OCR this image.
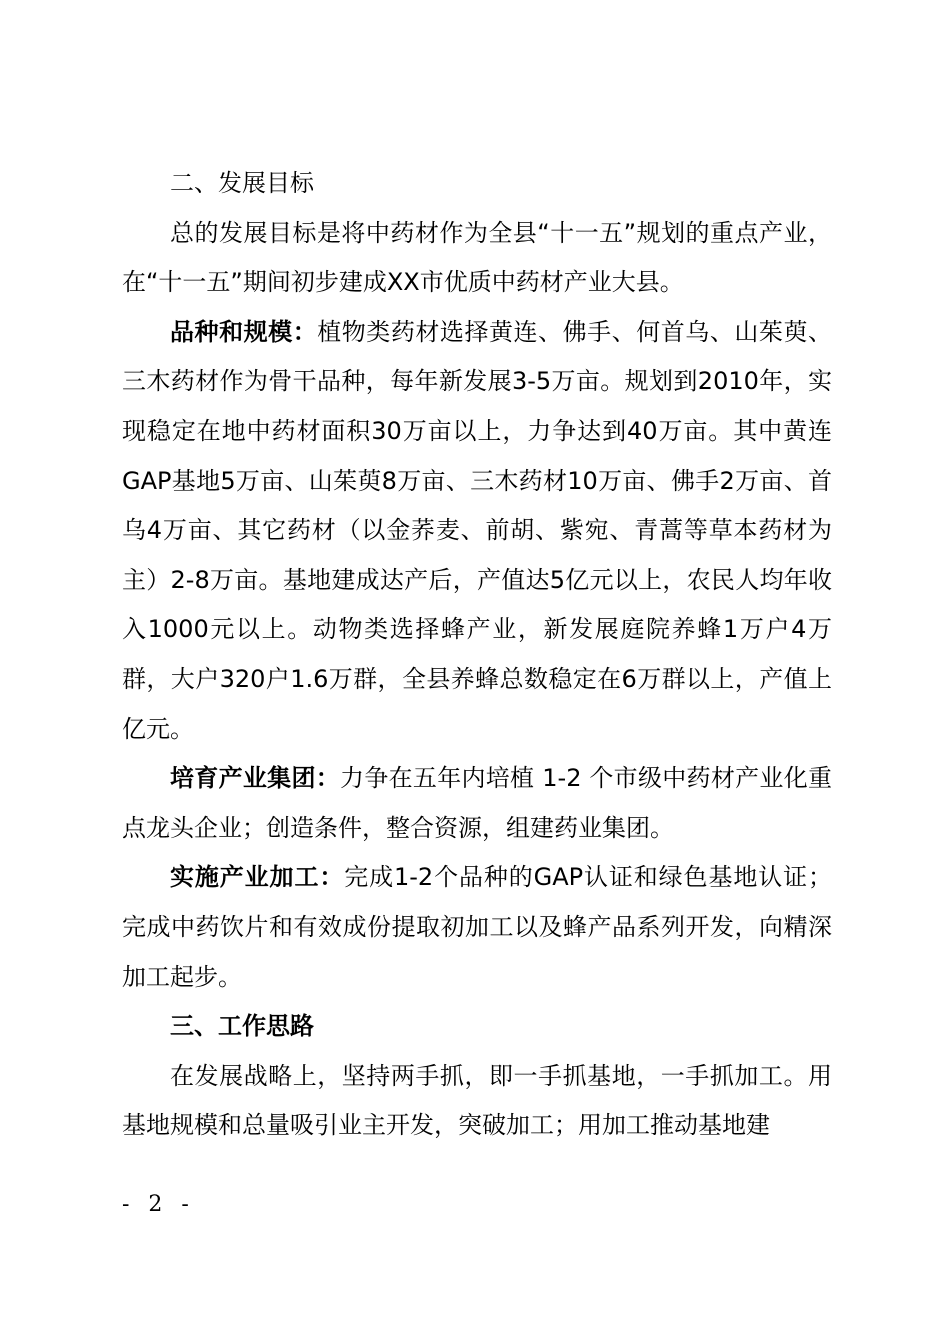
二、发展目标

总的发展目标是将中药材作为全县“十一五”规划的重点产业，在“十一五”期间初步建成XX市优质中药材产业大县。

品种和规模：植物类药材选择黄连、佛手、何首乌、山茱萸、三木药材作为骨干品种，每年新发展3-5万亩。规划到2010年，实现稳定在地中药材面积30万亩以上，力争达到40万亩。其中黄连GAP基地5万亩、山茱萸8万亩、三木药材10万亩、佛手2万亩、首乌4万亩、其它药材（以金荞麦、前胡、紫宛、青蒿等草本药材为主）2-8万亩。基地建成达产后，产值达5亿元以上，农民人均年收入1000元以上。动物类选择蜂产业，新发展庭院养蜂1万户4万群，大户320户1.6万群，全县养蜂总数稳定在6万群以上，产值上亿元。

培育产业集团：力争在五年内培植 1-2 个市级中药材产业化重点龙头企业；创造条件，整合资源，组建药业集团。

实施产业加工：完成1-2个品种的GAP认证和绿色基地认证；完成中药饮片和有效成份提取初加工以及蜂产品系列开发，向精深加工起步。

三、工作思路

在发展战略上，坚持两手抓，即一手抓基地，一手抓加工。用基地规模和总量吸引业主开发，突破加工；用加工推动基地建

- 2 -
